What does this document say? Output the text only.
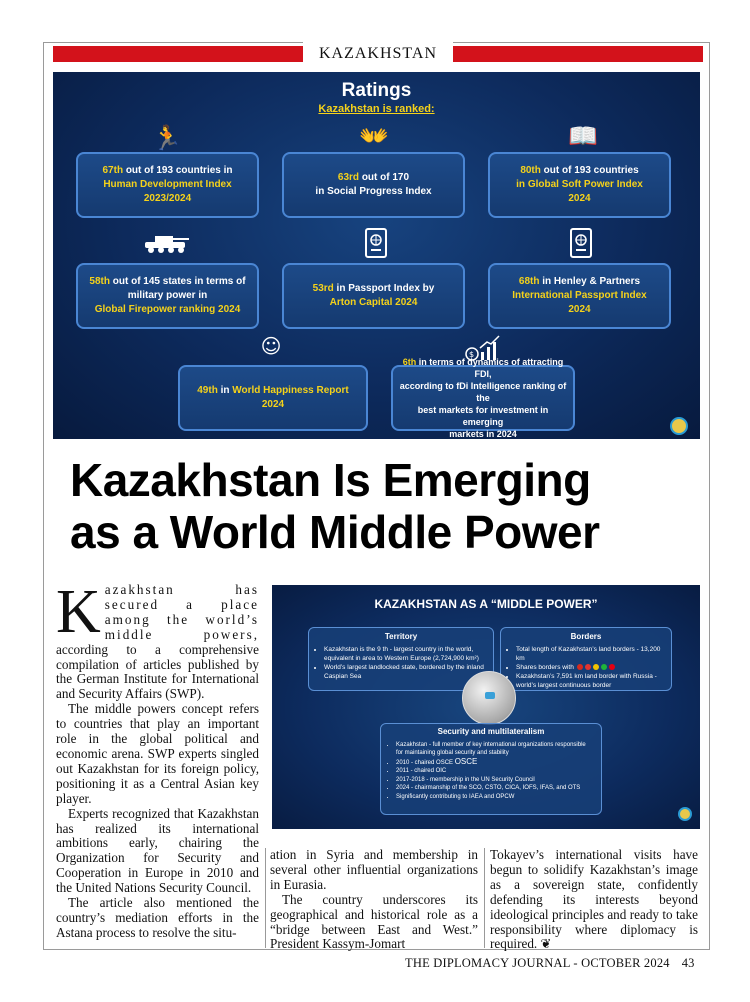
KAZAKHSTAN
Ratings
Kazakhstan is ranked:
🏃	👐	📖
☺	$
67th out of 193 countries in
Human Development Index
2023/2024
63rd out of 170
in Social Progress Index
80th out of 193 countries
in Global Soft Power Index
2024
58th out of 145 states in terms of
military power in
Global Firepower ranking 2024
53rd in Passport Index by
Arton Capital 2024
68th in Henley & Partners
International Passport Index
2024
49th in World Happiness Report 2024
6th in terms of dynamics of attracting FDI,
according to fDi Intelligence ranking of the
best markets for investment in emerging
markets in 2024
Kazakhstan Is Emerging
as a World Middle Power

Kazakhstan has secured a place among the world’s middle powers, according to a comprehensive compilation of articles published by the German Institute for International and Security Affairs (SWP).

The middle powers concept refers to countries that play an important role in the global political and economic arena. SWP experts singled out Kazakhstan for its foreign policy, positioning it as a Central Asian key player.

Experts recognized that Kazakhstan has realized its international ambitions early, chairing the Organization for Security and Cooperation in Europe in 2010 and the United Nations Security Council.

The article also mentioned the country’s mediation efforts in the Astana process to resolve the situ-

KAZAKHSTAN AS A “MIDDLE POWER”
Territory
• Kazakhstan is the 9 th - largest country in the world, equivalent in area to Western Europe (2,724,900 km²)
• World’s largest landlocked state, bordered by the inland Caspian Sea
Borders
• Total length of Kazakhstan’s land borders - 13,200 km
• Shares borders with
• Kazakhstan’s 7,591 km land border with Russia - world’s largest continuous border
Security and multilateralism
• Kazakhstan - full member of key international organizations responsible for maintaining global security and stability
• 2010 - chaired OSCE OSCE
• 2011 - chaired OIC
• 2017-2018 - membership in the UN Security Council
• 2024 - chairmanship of the SCO, CSTO, CICA, IOFS, IFAS, and OTS
• Significantly contributing to IAEA and OPCW

ation in Syria and membership in several other influential organizations in Eurasia.

The country underscores its geographical and historical role as a “bridge between East and West.” President Kassym-Jomart

Tokayev’s international visits have begun to solidify Kazakhstan’s image as a sovereign state, confidently defending its interests beyond ideological principles and ready to take responsibility where diplomacy is required. ❦

THE DIPLOMACY JOURNAL - OCTOBER 2024 43
